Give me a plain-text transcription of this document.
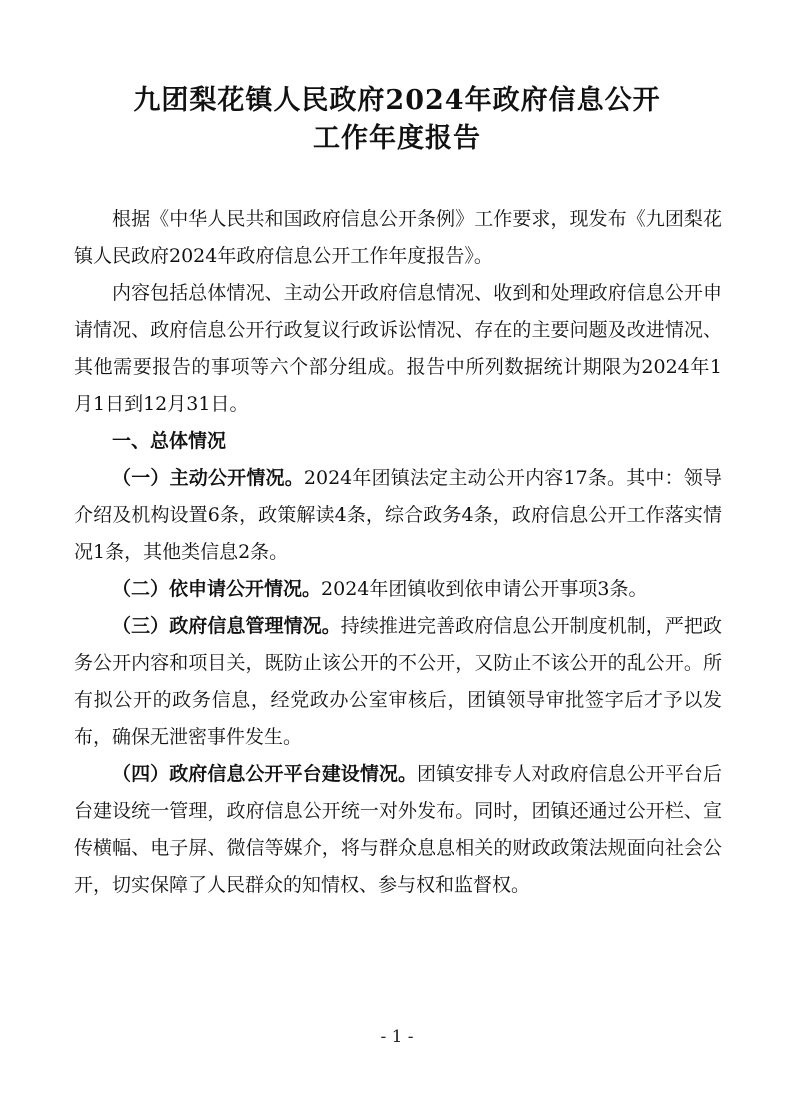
九团梨花镇人民政府2024年政府信息公开
工作年度报告

根据《中华人民共和国政府信息公开条例》工作要求，现发布《九团梨花镇人民政府2024年政府信息公开工作年度报告》。

内容包括总体情况、主动公开政府信息情况、收到和处理政府信息公开申请情况、政府信息公开行政复议行政诉讼情况、存在的主要问题及改进情况、其他需要报告的事项等六个部分组成。报告中所列数据统计期限为2024年1月1日到12月31日。

一、总体情况

（一）主动公开情况。2024年团镇法定主动公开内容17条。其中：领导介绍及机构设置6条，政策解读4条，综合政务4条，政府信息公开工作落实情况1条，其他类信息2条。

（二）依申请公开情况。2024年团镇收到依申请公开事项3条。

（三）政府信息管理情况。持续推进完善政府信息公开制度机制，严把政务公开内容和项目关，既防止该公开的不公开，又防止不该公开的乱公开。所有拟公开的政务信息，经党政办公室审核后，团镇领导审批签字后才予以发布，确保无泄密事件发生。

（四）政府信息公开平台建设情况。团镇安排专人对政府信息公开平台后台建设统一管理，政府信息公开统一对外发布。同时，团镇还通过公开栏、宣传横幅、电子屏、微信等媒介，将与群众息息相关的财政政策法规面向社会公开，切实保障了人民群众的知情权、参与权和监督权。

- 1 -
